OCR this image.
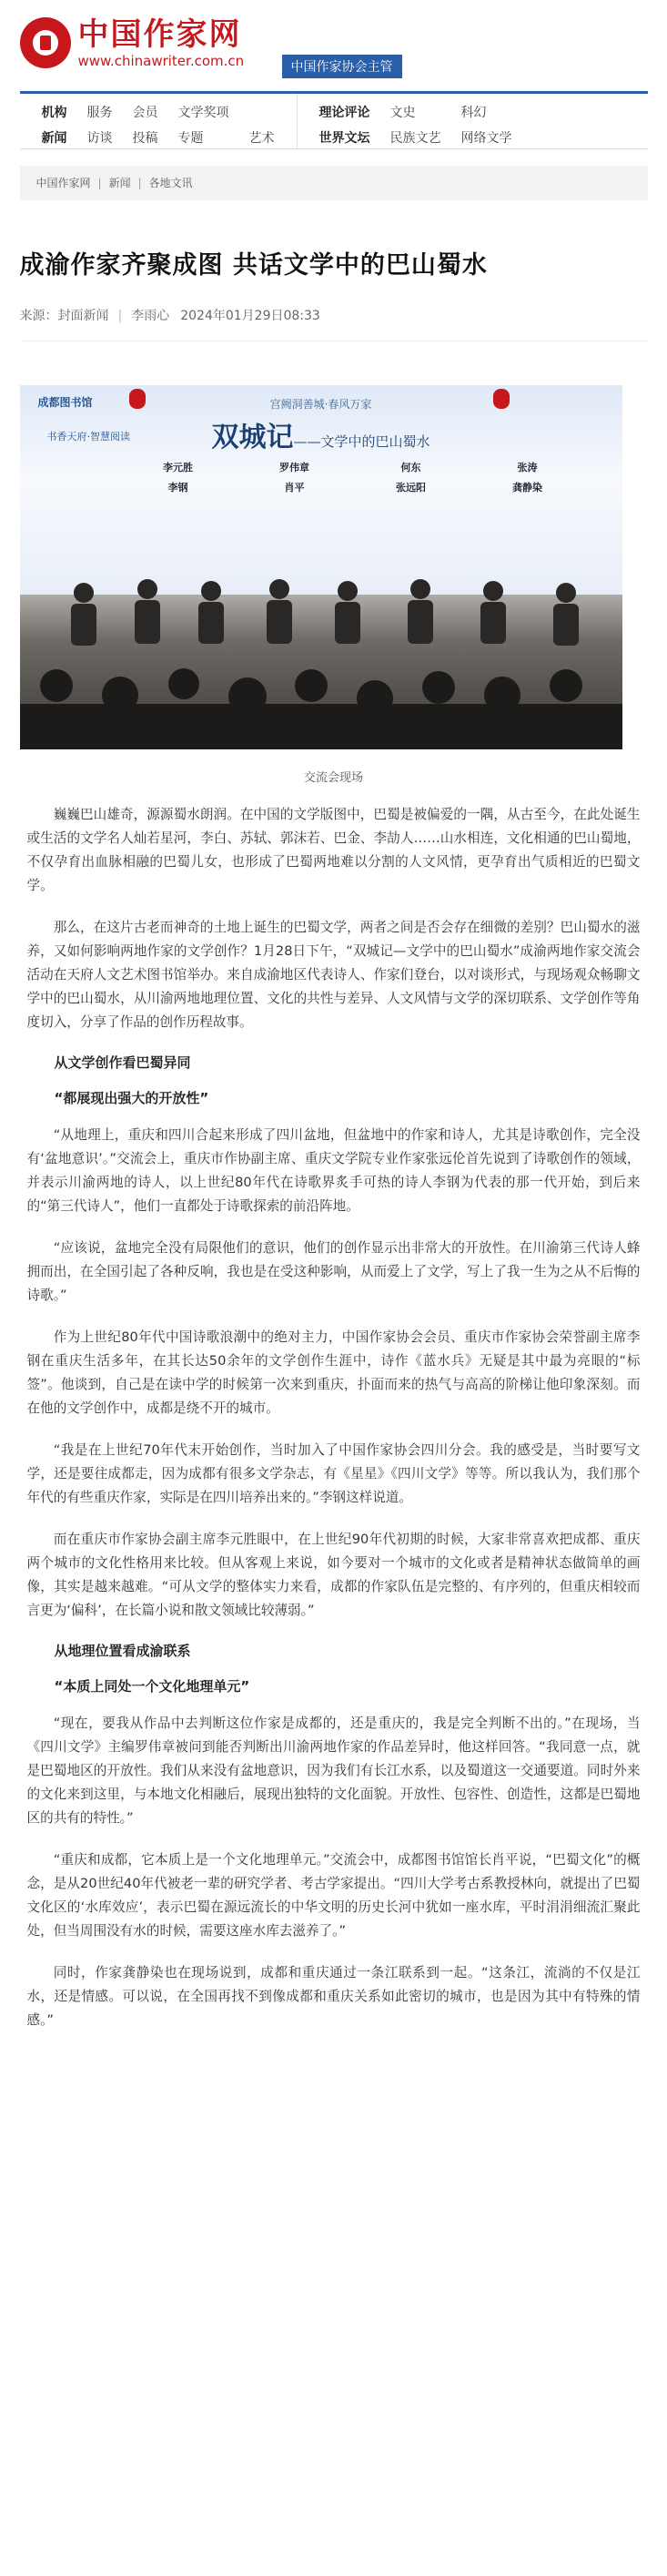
中国作家网
www.chinawriter.com.cn	中国作家协会主管
机构 服务 会员 文学奖项
新闻 访谈 投稿 专题	艺术
理论评论 文史	科幻
世界文坛 民族文艺 网络文学
中国作家网 | 新闻 | 各地文讯
成渝作家齐聚成图 共话文学中的巴山蜀水
来源：封面新闻 | 李雨心 2024年01月29日08:33
成都图书馆
书香天府·智慧阅读
宫阙洞善城·春风万家
双城记——文学中的巴山蜀水
李元胜	罗伟章	何东	张涛
李钢	肖平	张远阳	龚静染
交流会现场

巍巍巴山雄奇，源源蜀水朗润。在中国的文学版图中，巴蜀是被偏爱的一隅，从古至今，在此处诞生或生活的文学名人灿若星河，李白、苏轼、郭沫若、巴金、李劼人……山水相连，文化相通的巴山蜀地，不仅孕育出血脉相融的巴蜀儿女，也形成了巴蜀两地难以分割的人文风情，更孕育出气质相近的巴蜀文学。

那么，在这片古老而神奇的土地上诞生的巴蜀文学，两者之间是否会存在细微的差别？巴山蜀水的滋养，又如何影响两地作家的文学创作？1月28日下午，“双城记—文学中的巴山蜀水”成渝两地作家交流会活动在天府人文艺术图书馆举办。来自成渝地区代表诗人、作家们登台，以对谈形式，与现场观众畅聊文学中的巴山蜀水，从川渝两地地理位置、文化的共性与差异、人文风情与文学的深切联系、文学创作等角度切入，分享了作品的创作历程故事。

从文学创作看巴蜀异同
“都展现出强大的开放性”

“从地理上，重庆和四川合起来形成了四川盆地，但盆地中的作家和诗人，尤其是诗歌创作，完全没有‘盆地意识’。”交流会上，重庆市作协副主席、重庆文学院专业作家张远伦首先说到了诗歌创作的领域，并表示川渝两地的诗人，以上世纪80年代在诗歌界炙手可热的诗人李钢为代表的那一代开始，到后来的“第三代诗人”，他们一直都处于诗歌探索的前沿阵地。

“应该说，盆地完全没有局限他们的意识，他们的创作显示出非常大的开放性。在川渝第三代诗人蜂拥而出，在全国引起了各种反响，我也是在受这种影响，从而爱上了文学，写上了我一生为之从不后悔的诗歌。”

作为上世纪80年代中国诗歌浪潮中的绝对主力，中国作家协会会员、重庆市作家协会荣誉副主席李钢在重庆生活多年，在其长达50余年的文学创作生涯中，诗作《蓝水兵》无疑是其中最为亮眼的“标签”。他谈到，自己是在读中学的时候第一次来到重庆，扑面而来的热气与高高的阶梯让他印象深刻。而在他的文学创作中，成都是绕不开的城市。

“我是在上世纪70年代末开始创作，当时加入了中国作家协会四川分会。我的感受是，当时要写文学，还是要往成都走，因为成都有很多文学杂志，有《星星》《四川文学》等等。所以我认为，我们那个年代的有些重庆作家，实际是在四川培养出来的。”李钢这样说道。

而在重庆市作家协会副主席李元胜眼中，在上世纪90年代初期的时候，大家非常喜欢把成都、重庆两个城市的文化性格用来比较。但从客观上来说，如今要对一个城市的文化或者是精神状态做简单的画像，其实是越来越难。“可从文学的整体实力来看，成都的作家队伍是完整的、有序列的，但重庆相较而言更为‘偏科’，在长篇小说和散文领域比较薄弱。”

从地理位置看成渝联系
“本质上同处一个文化地理单元”

“现在，要我从作品中去判断这位作家是成都的，还是重庆的，我是完全判断不出的。”在现场，当《四川文学》主编罗伟章被问到能否判断出川渝两地作家的作品差异时，他这样回答。“我同意一点，就是巴蜀地区的开放性。我们从来没有盆地意识，因为我们有长江水系，以及蜀道这一交通要道。同时外来的文化来到这里，与本地文化相融后，展现出独特的文化面貌。开放性、包容性、创造性，这都是巴蜀地区的共有的特性。”

“重庆和成都，它本质上是一个文化地理单元。”交流会中，成都图书馆馆长肖平说，“巴蜀文化”的概念，是从20世纪40年代被老一辈的研究学者、考古学家提出。“四川大学考古系教授林向，就提出了巴蜀文化区的‘水库效应’，表示巴蜀在源远流长的中华文明的历史长河中犹如一座水库，平时涓涓细流汇聚此处，但当周围没有水的时候，需要这座水库去滋养了。”

同时，作家龚静染也在现场说到，成都和重庆通过一条江联系到一起。“这条江，流淌的不仅是江水，还是情感。可以说，在全国再找不到像成都和重庆关系如此密切的城市，也是因为其中有特殊的情感。”
